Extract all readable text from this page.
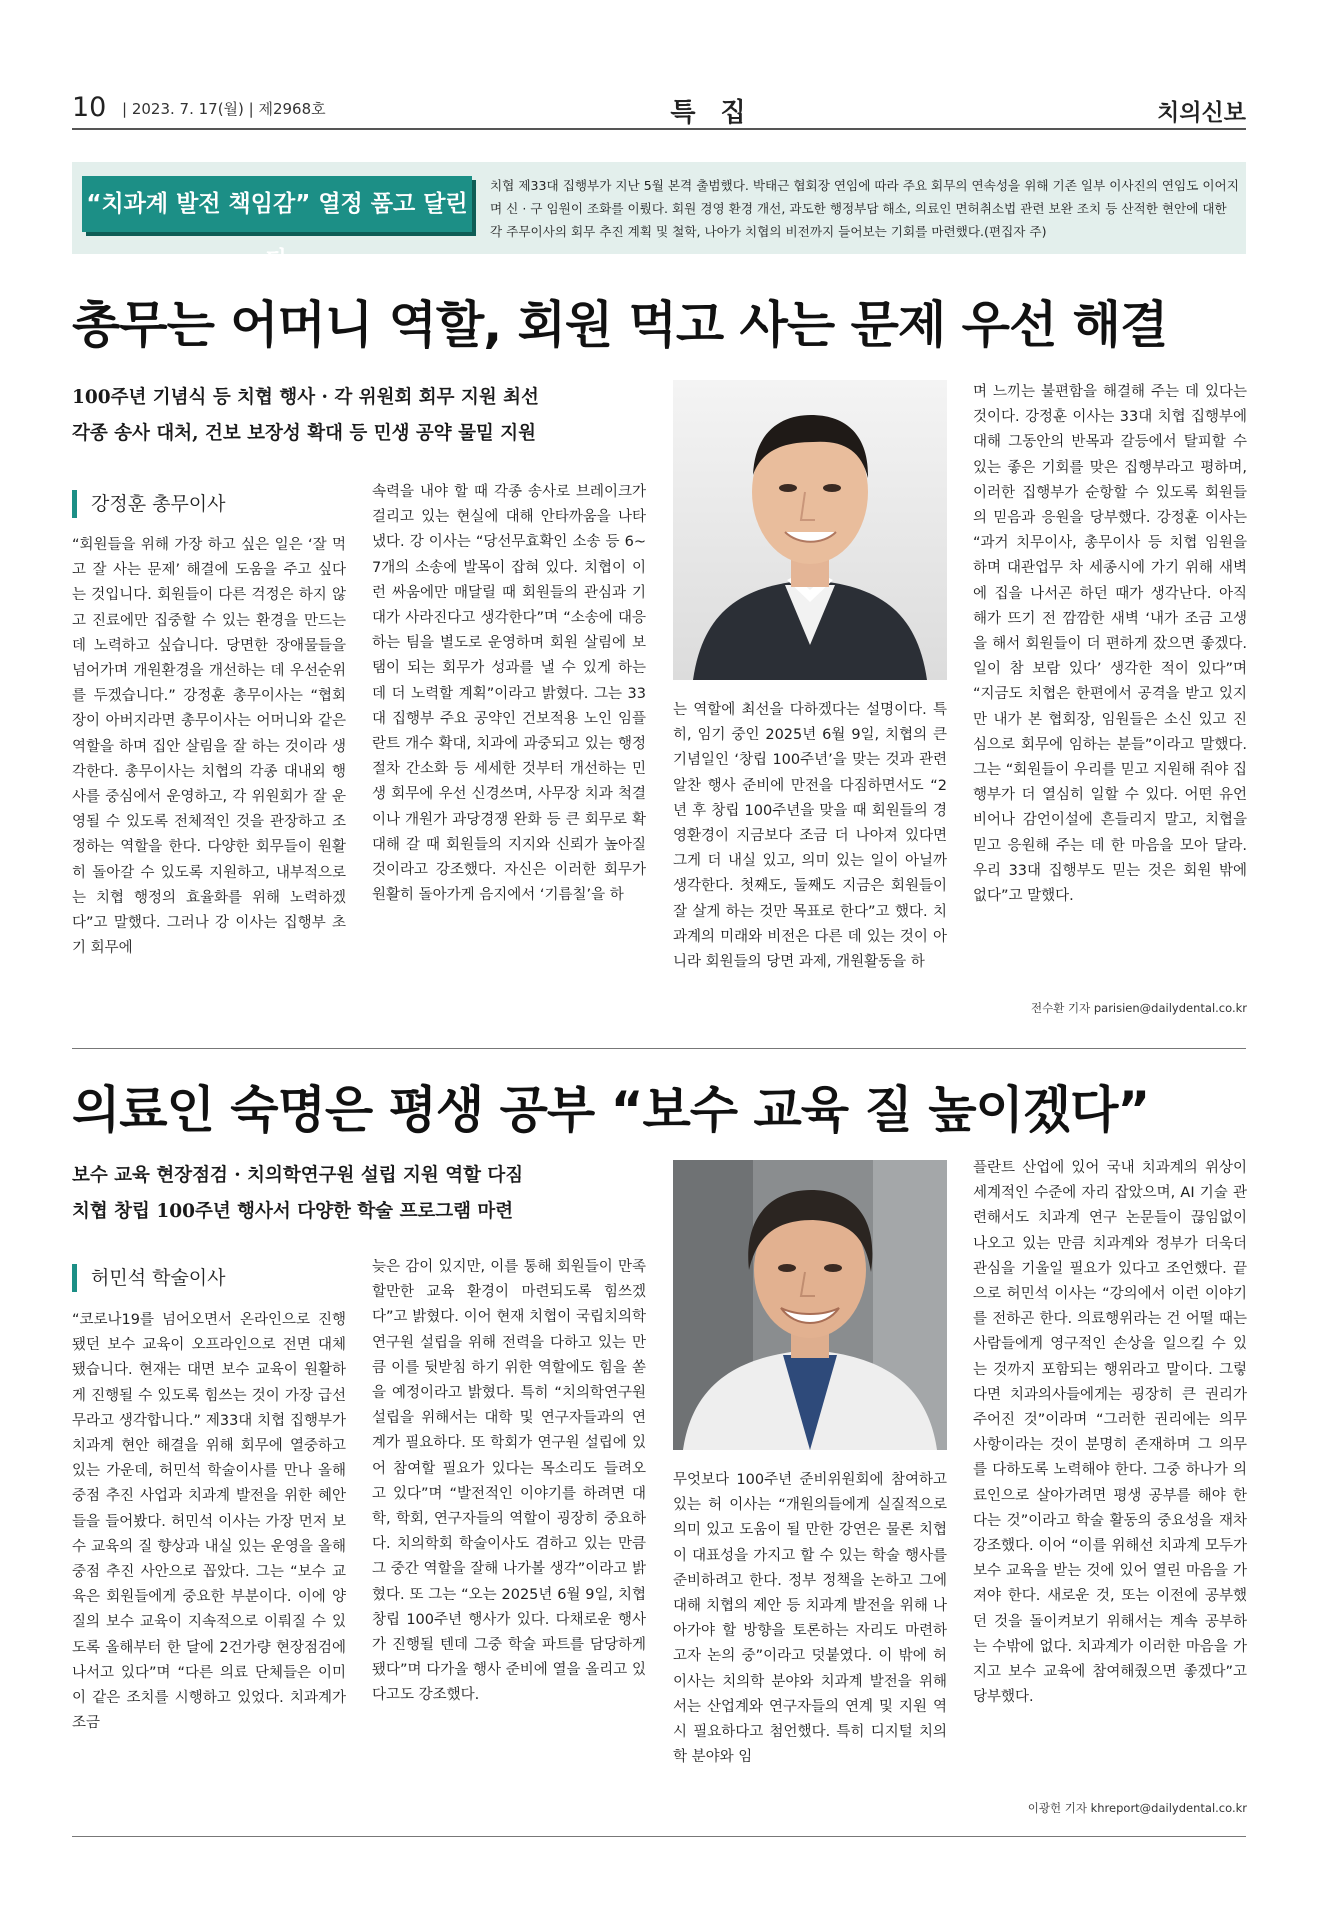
10 | 2023. 7. 17(월) | 제2968호	특 집	치의신보
“치과계 발전 책임감” 열정 품고 달린다
치협 제33대 집행부가 지난 5월 본격 출범했다. 박태근 협회장 연임에 따라 주요 회무의 연속성을 위해 기존 일부 이사진의 연임도 이어지며 신 · 구 임원이 조화를 이뤘다. 회원 경영 환경 개선, 과도한 행정부담 해소, 의료인 면허취소법 관련 보완 조치 등 산적한 현안에 대한 각 주무이사의 회무 추진 계획 및 철학, 나아가 치협의 비전까지 들어보는 기회를 마련했다.(편집자 주)
총무는 어머니 역할, 회원 먹고 사는 문제 우선 해결
100주년 기념식 등 치협 행사 · 각 위원회 회무 지원 최선
각종 송사 대처, 건보 보장성 확대 등 민생 공약 물밑 지원
강정훈 총무이사
“회원들을 위해 가장 하고 싶은 일은 ‘잘 먹고 잘 사는 문제’ 해결에 도움을 주고 싶다는 것입니다. 회원들이 다른 걱정은 하지 않고 진료에만 집중할 수 있는 환경을 만드는 데 노력하고 싶습니다. 당면한 장애물들을 넘어가며 개원환경을 개선하는 데 우선순위를 두겠습니다.” 강정훈 총무이사는 “협회장이 아버지라면 총무이사는 어머니와 같은 역할을 하며 집안 살림을 잘 하는 것이라 생각한다. 총무이사는 치협의 각종 대내외 행사를 중심에서 운영하고, 각 위원회가 잘 운영될 수 있도록 전체적인 것을 관장하고 조정하는 역할을 한다. 다양한 회무들이 원활히 돌아갈 수 있도록 지원하고, 내부적으로는 치협 행정의 효율화를 위해 노력하겠다”고 말했다. 그러나 강 이사는 집행부 초기 회무에
속력을 내야 할 때 각종 송사로 브레이크가 걸리고 있는 현실에 대해 안타까움을 나타냈다. 강 이사는 “당선무효확인 소송 등 6~7개의 소송에 발목이 잡혀 있다. 치협이 이런 싸움에만 매달릴 때 회원들의 관심과 기대가 사라진다고 생각한다”며 “소송에 대응하는 팀을 별도로 운영하며 회원 살림에 보탬이 되는 회무가 성과를 낼 수 있게 하는 데 더 노력할 계획”이라고 밝혔다. 그는 33대 집행부 주요 공약인 건보적용 노인 임플란트 개수 확대, 치과에 과중되고 있는 행정절차 간소화 등 세세한 것부터 개선하는 민생 회무에 우선 신경쓰며, 사무장 치과 척결이나 개원가 과당경쟁 완화 등 큰 회무로 확대해 갈 때 회원들의 지지와 신뢰가 높아질 것이라고 강조했다. 자신은 이러한 회무가 원활히 돌아가게 음지에서 ‘기름칠’을 하
는 역할에 최선을 다하겠다는 설명이다. 특히, 임기 중인 2025년 6월 9일, 치협의 큰 기념일인 ‘창립 100주년’을 맞는 것과 관련 알찬 행사 준비에 만전을 다짐하면서도 “2년 후 창립 100주년을 맞을 때 회원들의 경영환경이 지금보다 조금 더 나아져 있다면 그게 더 내실 있고, 의미 있는 일이 아닐까 생각한다. 첫째도, 둘째도 지금은 회원들이 잘 살게 하는 것만 목표로 한다”고 했다. 치과계의 미래와 비전은 다른 데 있는 것이 아니라 회원들의 당면 과제, 개원활동을 하
며 느끼는 불편함을 해결해 주는 데 있다는 것이다. 강정훈 이사는 33대 치협 집행부에 대해 그동안의 반목과 갈등에서 탈피할 수 있는 좋은 기회를 맞은 집행부라고 평하며, 이러한 집행부가 순항할 수 있도록 회원들의 믿음과 응원을 당부했다. 강정훈 이사는 “과거 치무이사, 총무이사 등 치협 임원을 하며 대관업무 차 세종시에 가기 위해 새벽에 집을 나서곤 하던 때가 생각난다. 아직 해가 뜨기 전 깜깜한 새벽 ‘내가 조금 고생을 해서 회원들이 더 편하게 잤으면 좋겠다. 일이 참 보람 있다’ 생각한 적이 있다”며 “지금도 치협은 한편에서 공격을 받고 있지만 내가 본 협회장, 임원들은 소신 있고 진심으로 회무에 임하는 분들”이라고 말했다. 그는 “회원들이 우리를 믿고 지원해 줘야 집행부가 더 열심히 일할 수 있다. 어떤 유언비어나 감언이설에 흔들리지 말고, 치협을 믿고 응원해 주는 데 한 마음을 모아 달라. 우리 33대 집행부도 믿는 것은 회원 밖에 없다”고 말했다.
전수환 기자 parisien@dailydental.co.kr
의료인 숙명은 평생 공부 “보수 교육 질 높이겠다”
보수 교육 현장점검 · 치의학연구원 설립 지원 역할 다짐
치협 창립 100주년 행사서 다양한 학술 프로그램 마련
허민석 학술이사
“코로나19를 넘어오면서 온라인으로 진행됐던 보수 교육이 오프라인으로 전면 대체됐습니다. 현재는 대면 보수 교육이 원활하게 진행될 수 있도록 힘쓰는 것이 가장 급선무라고 생각합니다.” 제33대 치협 집행부가 치과계 현안 해결을 위해 회무에 열중하고 있는 가운데, 허민석 학술이사를 만나 올해 중점 추진 사업과 치과계 발전을 위한 혜안들을 들어봤다. 허민석 이사는 가장 먼저 보수 교육의 질 향상과 내실 있는 운영을 올해 중점 추진 사안으로 꼽았다. 그는 “보수 교육은 회원들에게 중요한 부분이다. 이에 양질의 보수 교육이 지속적으로 이뤄질 수 있도록 올해부터 한 달에 2건가량 현장점검에 나서고 있다”며 “다른 의료 단체들은 이미 이 같은 조치를 시행하고 있었다. 치과계가 조금
늦은 감이 있지만, 이를 통해 회원들이 만족할만한 교육 환경이 마련되도록 힘쓰겠다”고 밝혔다. 이어 현재 치협이 국립치의학연구원 설립을 위해 전력을 다하고 있는 만큼 이를 뒷받침 하기 위한 역할에도 힘을 쏟을 예정이라고 밝혔다. 특히 “치의학연구원 설립을 위해서는 대학 및 연구자들과의 연계가 필요하다. 또 학회가 연구원 설립에 있어 참여할 필요가 있다는 목소리도 들려오고 있다”며 “발전적인 이야기를 하려면 대학, 학회, 연구자들의 역할이 굉장히 중요하다. 치의학회 학술이사도 겸하고 있는 만큼 그 중간 역할을 잘해 나가볼 생각”이라고 밝혔다. 또 그는 “오는 2025년 6월 9일, 치협 창립 100주년 행사가 있다. 다채로운 행사가 진행될 텐데 그중 학술 파트를 담당하게 됐다”며 다가올 행사 준비에 열을 올리고 있다고도 강조했다.
무엇보다 100주년 준비위원회에 참여하고 있는 허 이사는 “개원의들에게 실질적으로 의미 있고 도움이 될 만한 강연은 물론 치협이 대표성을 가지고 할 수 있는 학술 행사를 준비하려고 한다. 정부 정책을 논하고 그에 대해 치협의 제안 등 치과계 발전을 위해 나아가야 할 방향을 토론하는 자리도 마련하고자 논의 중”이라고 덧붙였다. 이 밖에 허 이사는 치의학 분야와 치과계 발전을 위해서는 산업계와 연구자들의 연계 및 지원 역시 필요하다고 첨언했다. 특히 디지털 치의학 분야와 임
플란트 산업에 있어 국내 치과계의 위상이 세계적인 수준에 자리 잡았으며, AI 기술 관련해서도 치과계 연구 논문들이 끊임없이 나오고 있는 만큼 치과계와 정부가 더욱더 관심을 기울일 필요가 있다고 조언했다. 끝으로 허민석 이사는 “강의에서 이런 이야기를 전하곤 한다. 의료행위라는 건 어떨 때는 사람들에게 영구적인 손상을 일으킬 수 있는 것까지 포함되는 행위라고 말이다. 그렇다면 치과의사들에게는 굉장히 큰 권리가 주어진 것”이라며 “그러한 권리에는 의무 사항이라는 것이 분명히 존재하며 그 의무를 다하도록 노력해야 한다. 그중 하나가 의료인으로 살아가려면 평생 공부를 해야 한다는 것”이라고 학술 활동의 중요성을 재차 강조했다. 이어 “이를 위해선 치과계 모두가 보수 교육을 받는 것에 있어 열린 마음을 가져야 한다. 새로운 것, 또는 이전에 공부했던 것을 돌이켜보기 위해서는 계속 공부하는 수밖에 없다. 치과계가 이러한 마음을 가지고 보수 교육에 참여해줬으면 좋겠다”고 당부했다.
이광헌 기자 khreport@dailydental.co.kr
